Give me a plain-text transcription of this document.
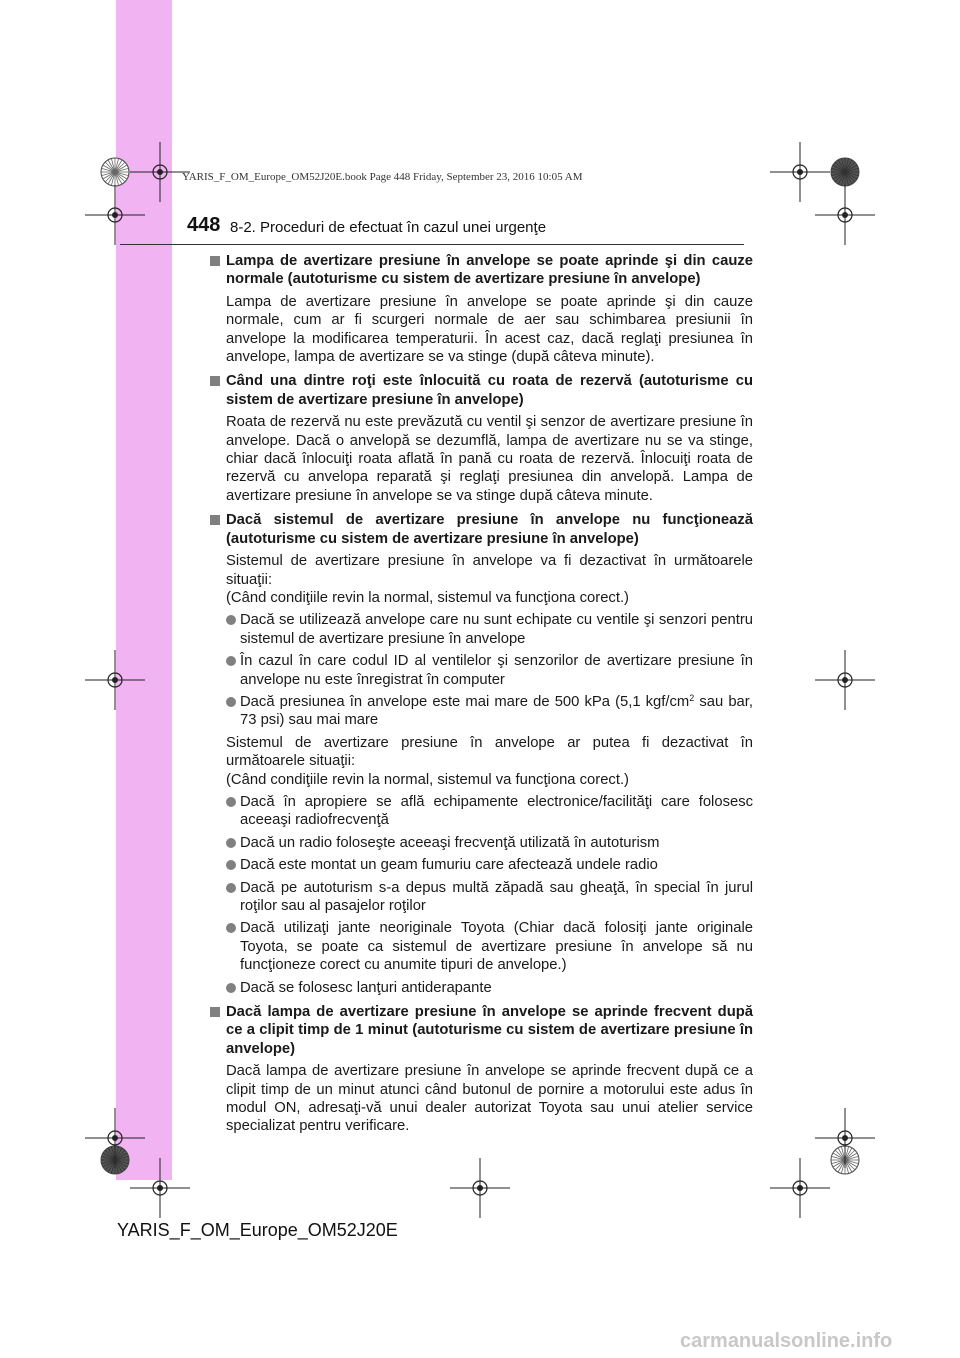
YARIS_F_OM_Europe_OM52J20E.book Page 448 Friday, September 23, 2016 10:05 AM
448 8-2. Proceduri de efectuat în cazul unei urgenţe
Lampa de avertizare presiune în anvelope se poate aprinde şi din cauze normale (autoturisme cu sistem de avertizare presiune în anvelope)
Lampa de avertizare presiune în anvelope se poate aprinde şi din cauze normale, cum ar fi scurgeri normale de aer sau schimbarea presiunii în anvelope la modificarea temperaturii. În acest caz, dacă reglaţi presiunea în anvelope, lampa de avertizare se va stinge (după câteva minute).
Când una dintre roţi este înlocuită cu roata de rezervă (autoturisme cu sistem de avertizare presiune în anvelope)
Roata de rezervă nu este prevăzută cu ventil şi senzor de avertizare presiune în anvelope. Dacă o anvelopă se dezumflă, lampa de avertizare nu se va stinge, chiar dacă înlocuiţi roata aflată în pană cu roata de rezervă. Înlocuiţi roata de rezervă cu anvelopa reparată şi reglaţi presiunea din anvelopă. Lampa de avertizare presiune în anvelope se va stinge după câteva minute.
Dacă sistemul de avertizare presiune în anvelope nu funcţionează (autoturisme cu sistem de avertizare presiune în anvelope)
Sistemul de avertizare presiune în anvelope va fi dezactivat în următoarele situaţii:
(Când condiţiile revin la normal, sistemul va funcţiona corect.)
Dacă se utilizează anvelope care nu sunt echipate cu ventile şi senzori pentru sistemul de avertizare presiune în anvelope
În cazul în care codul ID al ventilelor şi senzorilor de avertizare presiune în anvelope nu este înregistrat în computer
Dacă presiunea în anvelope este mai mare de 500 kPa (5,1 kgf/$cm^2$ sau bar, 73 psi) sau mai mare
Sistemul de avertizare presiune în anvelope ar putea fi dezactivat în următoarele situaţii:
(Când condiţiile revin la normal, sistemul va funcţiona corect.)
Dacă în apropiere se află echipamente electronice/facilităţi care folosesc aceeaşi radiofrecvenţă
Dacă un radio foloseşte aceeaşi frecvenţă utilizată în autoturism
Dacă este montat un geam fumuriu care afectează undele radio
Dacă pe autoturism s-a depus multă zăpadă sau gheaţă, în special în jurul roţilor sau al pasajelor roţilor
Dacă utilizaţi jante neoriginale Toyota (Chiar dacă folosiţi jante originale Toyota, se poate ca sistemul de avertizare presiune în anvelope să nu funcţioneze corect cu anumite tipuri de anvelope.)
Dacă se folosesc lanţuri antiderapante
Dacă lampa de avertizare presiune în anvelope se aprinde frecvent după ce a clipit timp de 1 minut (autoturisme cu sistem de avertizare presiune în anvelope)
Dacă lampa de avertizare presiune în anvelope se aprinde frecvent după ce a clipit timp de un minut atunci când butonul de pornire a motorului este adus în modul ON, adresaţi-vă unui dealer autorizat Toyota sau unui atelier service specializat pentru verificare.
YARIS_F_OM_Europe_OM52J20E
carmanualsonline.info
